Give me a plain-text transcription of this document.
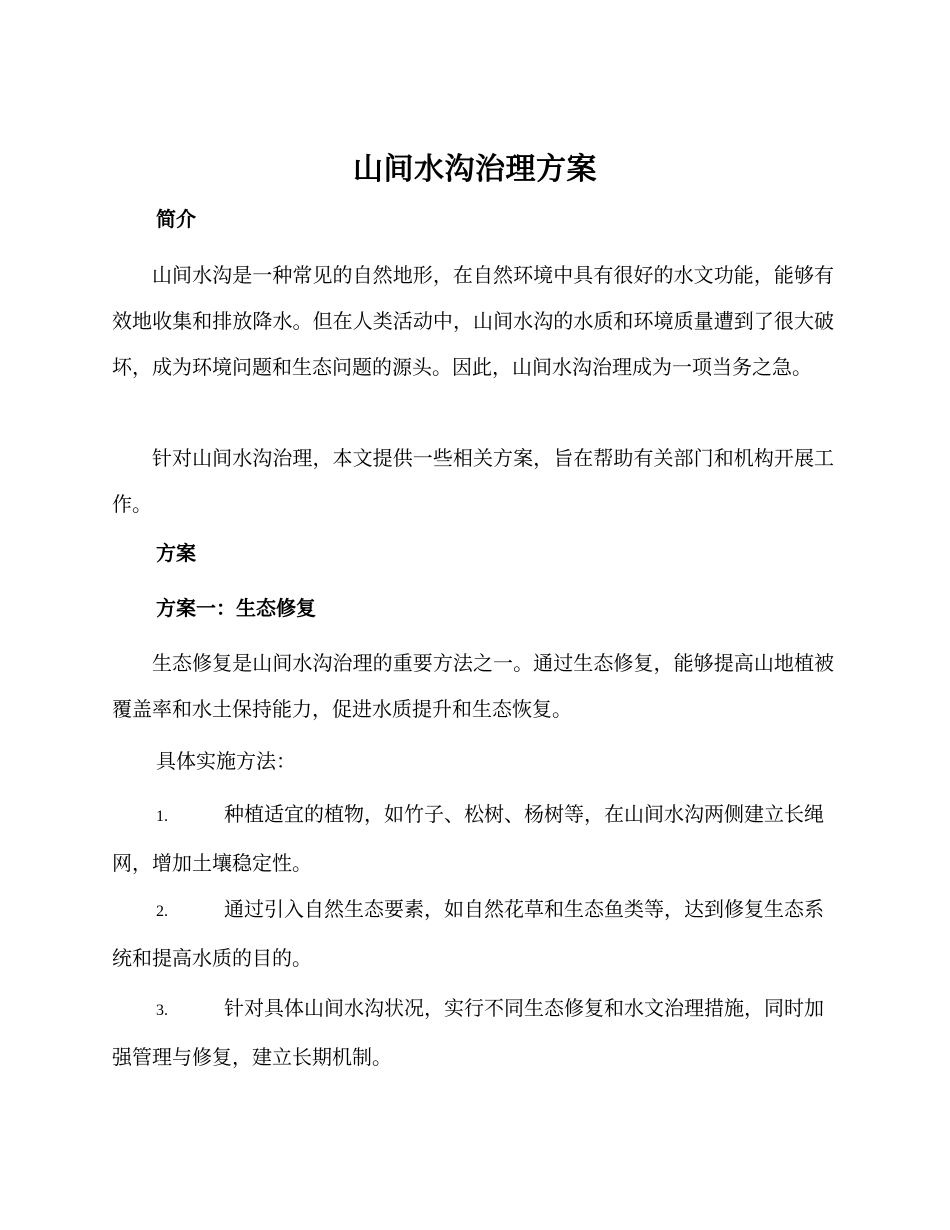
山间水沟治理方案
简介

山间水沟是一种常见的自然地形，在自然环境中具有很好的水文功能，能够有效地收集和排放降水。但在人类活动中，山间水沟的水质和环境质量遭到了很大破坏，成为环境问题和生态问题的源头。因此，山间水沟治理成为一项当务之急。

针对山间水沟治理，本文提供一些相关方案，旨在帮助有关部门和机构开展工作。

方案
方案一：生态修复

生态修复是山间水沟治理的重要方法之一。通过生态修复，能够提高山地植被覆盖率和水土保持能力，促进水质提升和生态恢复。

具体实施方法：

1.	种植适宜的植物，如竹子、松树、杨树等，在山间水沟两侧建立长绳网，增加土壤稳定性。

2.	通过引入自然生态要素，如自然花草和生态鱼类等，达到修复生态系统和提高水质的目的。

3.	针对具体山间水沟状况，实行不同生态修复和水文治理措施，同时加强管理与修复，建立长期机制。
